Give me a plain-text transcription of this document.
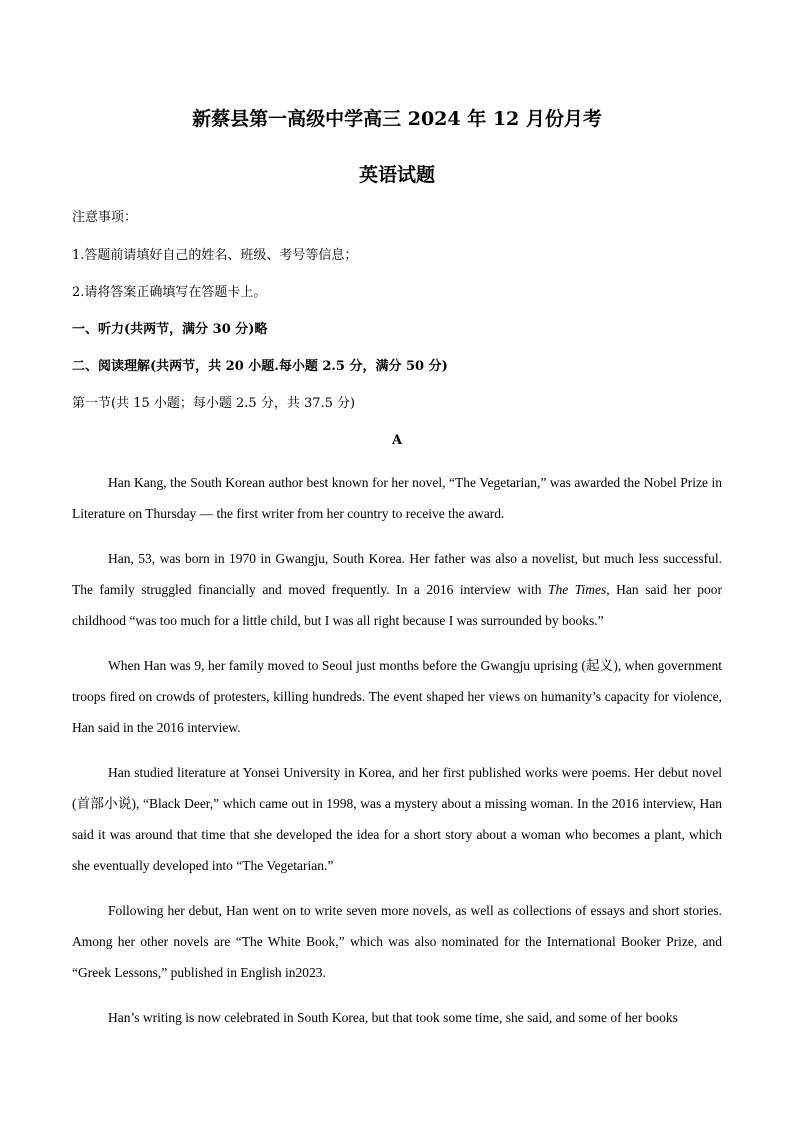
新蔡县第一高级中学高三 2024 年 12 月份月考
英语试题
注意事项：
1.答题前请填好自己的姓名、班级、考号等信息；
2.请将答案正确填写在答题卡上。
一、听力(共两节，满分 30 分)略
二、阅读理解(共两节，共 20 小题.每小题 2.5 分，满分 50 分)
第一节(共 15 小题；每小题 2.5 分，共 37.5 分)
A
Han Kang, the South Korean author best known for her novel, “The Vegetarian,” was awarded the Nobel Prize in Literature on Thursday — the first writer from her country to receive the award.
Han, 53, was born in 1970 in Gwangju, South Korea. Her father was also a novelist, but much less successful. The family struggled financially and moved frequently. In a 2016 interview with The Times, Han said her poor childhood “was too much for a little child, but I was all right because I was surrounded by books.”
When Han was 9, her family moved to Seoul just months before the Gwangju uprising (起义), when government troops fired on crowds of protesters, killing hundreds. The event shaped her views on humanity’s capacity for violence, Han said in the 2016 interview.
Han studied literature at Yonsei University in Korea, and her first published works were poems. Her debut novel (首部小说), “Black Deer,” which came out in 1998, was a mystery about a missing woman. In the 2016 interview, Han said it was around that time that she developed the idea for a short story about a woman who becomes a plant, which she eventually developed into “The Vegetarian.”
Following her debut, Han went on to write seven more novels, as well as collections of essays and short stories. Among her other novels are “The White Book,” which was also nominated for the International Booker Prize, and “Greek Lessons,” published in English in2023.
Han’s writing is now celebrated in South Korea, but that took some time, she said, and some of her books
